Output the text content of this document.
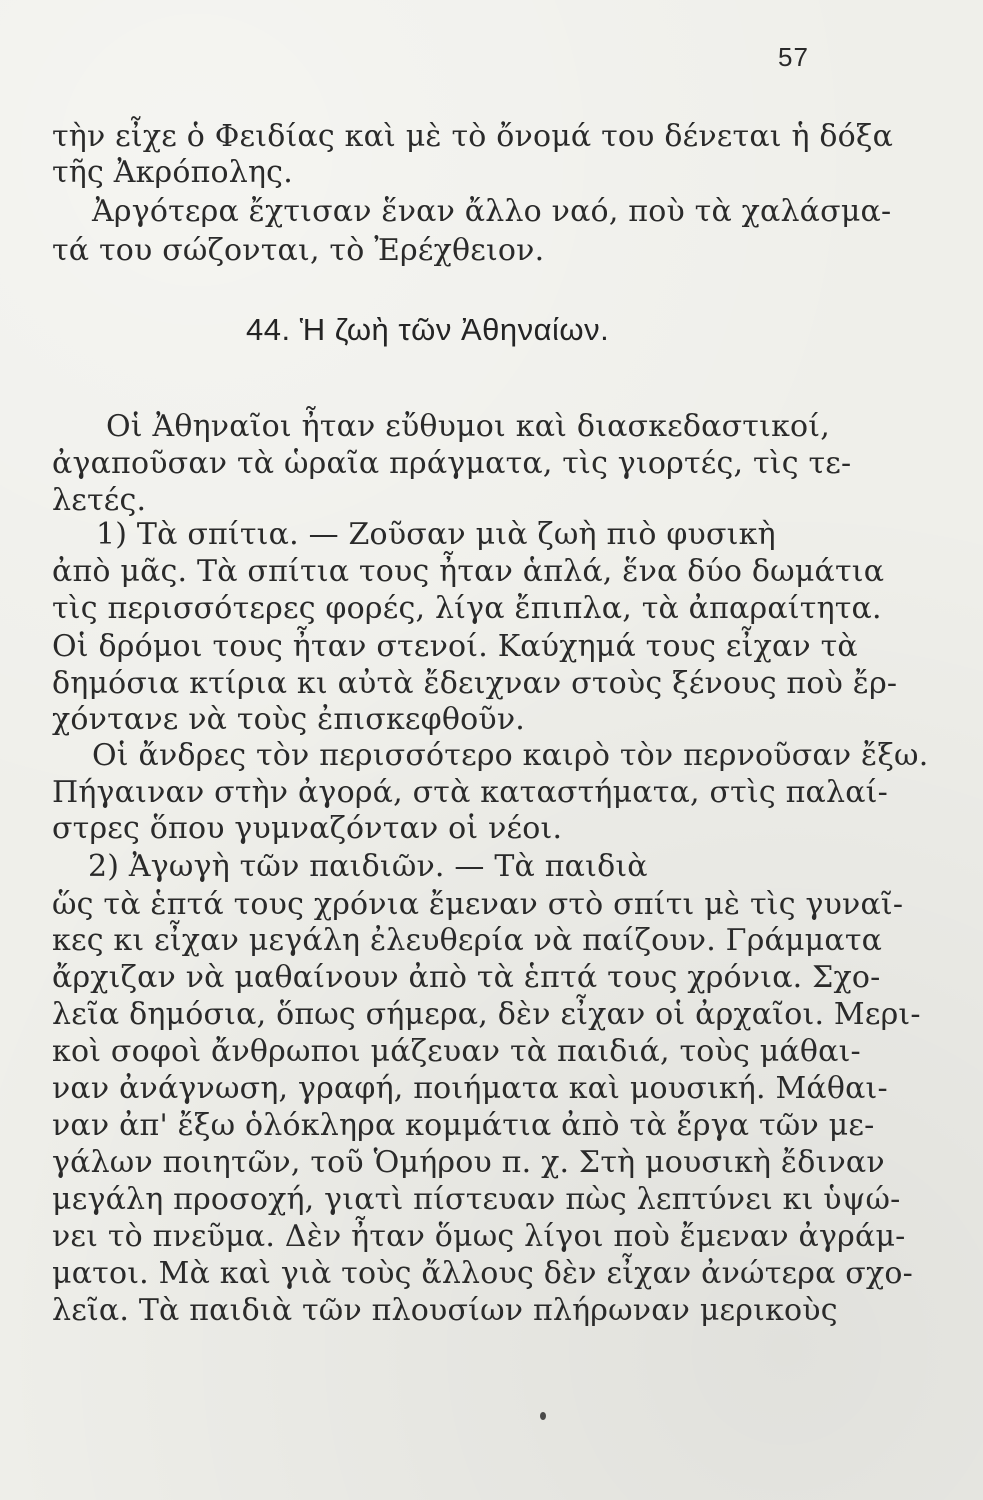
57
τὴν εἶχε ὁ Φειδίας καὶ μὲ τὸ ὄνομά του δένεται ἡ δόξα
τῆς Ἀκρόπολης.
Ἀργότερα ἔχτισαν ἕναν ἄλλο ναό, ποὺ τὰ χαλάσμα-
τά του σώζονται, τὸ Ἐρέχθειον.
44. Ἡ ζωὴ τῶν Ἀθηναίων.
Οἱ Ἀθηναῖοι ἦταν εὔθυμοι καὶ διασκεδαστικοί,
ἀγαποῦσαν τὰ ὡραῖα πράγματα, τὶς γιορτές, τὶς τε-
λετές.
1) Τὰ σπίτια. — Ζοῦσαν μιὰ ζωὴ πιὸ φυσικὴ
ἀπὸ μᾶς. Τὰ σπίτια τους ἦταν ἁπλά, ἕνα δύο δωμάτια
τὶς περισσότερες φορές, λίγα ἔπιπλα, τὰ ἀπαραίτητα.
Οἱ δρόμοι τους ἦταν στενοί. Καύχημά τους εἶχαν τὰ
δημόσια κτίρια κι αὐτὰ ἔδειχναν στοὺς ξένους ποὺ ἔρ-
χόντανε νὰ τοὺς ἐπισκεφθοῦν.
Οἱ ἄνδρες τὸν περισσότερο καιρὸ τὸν περνοῦσαν ἔξω.
Πήγαιναν στὴν ἀγορά, στὰ καταστήματα, στὶς παλαί-
στρες ὅπου γυμναζόνταν οἱ νέοι.
2) Ἀγωγὴ τῶν παιδιῶν. — Τὰ παιδιὰ
ὥς τὰ ἑπτά τους χρόνια ἔμεναν στὸ σπίτι μὲ τὶς γυναῖ-
κες κι εἶχαν μεγάλη ἐλευθερία νὰ παίζουν. Γράμματα
ἄρχιζαν νὰ μαθαίνουν ἀπὸ τὰ ἑπτά τους χρόνια. Σχο-
λεῖα δημόσια, ὅπως σήμερα, δὲν εἶχαν οἱ ἀρχαῖοι. Μερι-
κοὶ σοφοὶ ἄνθρωποι μάζευαν τὰ παιδιά, τοὺς μάθαι-
ναν ἀνάγνωση, γραφή, ποιήματα καὶ μουσική. Μάθαι-
ναν ἀπ' ἔξω ὁλόκληρα κομμάτια ἀπὸ τὰ ἔργα τῶν με-
γάλων ποιητῶν, τοῦ Ὁμήρου π. χ. Στὴ μουσικὴ ἔδιναν
μεγάλη προσοχή, γιατὶ πίστευαν πὼς λεπτύνει κι ὑψώ-
νει τὸ πνεῦμα. Δὲν ἦταν ὅμως λίγοι ποὺ ἔμεναν ἀγράμ-
ματοι. Μὰ καὶ γιὰ τοὺς ἄλλους δὲν εἶχαν ἀνώτερα σχο-
λεῖα. Τὰ παιδιὰ τῶν πλουσίων πλήρωναν μερικοὺς
